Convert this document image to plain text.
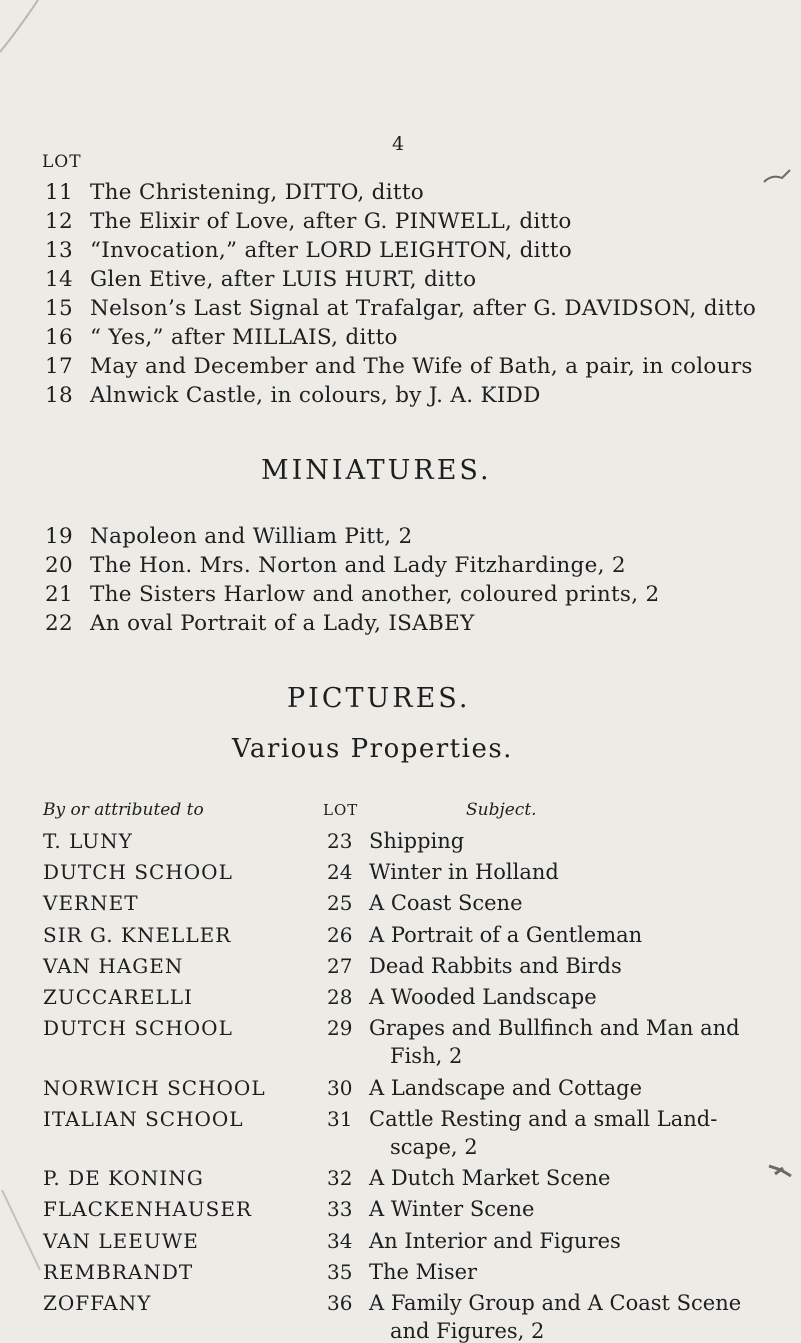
4
LOT
11 The Christening, DITTO, ditto
12 The Elixir of Love, after G. PINWELL, ditto
13 “Invocation,” after LORD LEIGHTON, ditto
14 Glen Etive, after LUIS HURT, ditto
15 Nelson’s Last Signal at Trafalgar, after G. DAVIDSON, ditto
16 “ Yes,” after MILLAIS, ditto
17 May and December and The Wife of Bath, a pair, in colours
18 Alnwick Castle, in colours, by J. A. KIDD
MINIATURES.
19 Napoleon and William Pitt, 2
20 The Hon. Mrs. Norton and Lady Fitzhardinge, 2
21 The Sisters Harlow and another, coloured prints, 2
22 An oval Portrait of a Lady, ISABEY
PICTURES.
Various Properties.
By or attributed to	LOT	Subject.
T. LUNY	23 Shipping
DUTCH SCHOOL	24 Winter in Holland
VERNET	25 A Coast Scene
SIR G. KNELLER	26 A Portrait of a Gentleman
VAN HAGEN	27 Dead Rabbits and Birds
ZUCCARELLI	28 A Wooded Landscape
DUTCH SCHOOL	29 Grapes and Bullfinch and Man and
Fish, 2
NORWICH SCHOOL	30 A Landscape and Cottage
ITALIAN SCHOOL	31 Cattle Resting and a small Land-
scape, 2
P. DE KONING	32 A Dutch Market Scene
FLACKENHAUSER	33 A Winter Scene
VAN LEEUWE	34 An Interior and Figures
REMBRANDT	35 The Miser
ZOFFANY	36 A Family Group and A Coast Scene
and Figures, 2
